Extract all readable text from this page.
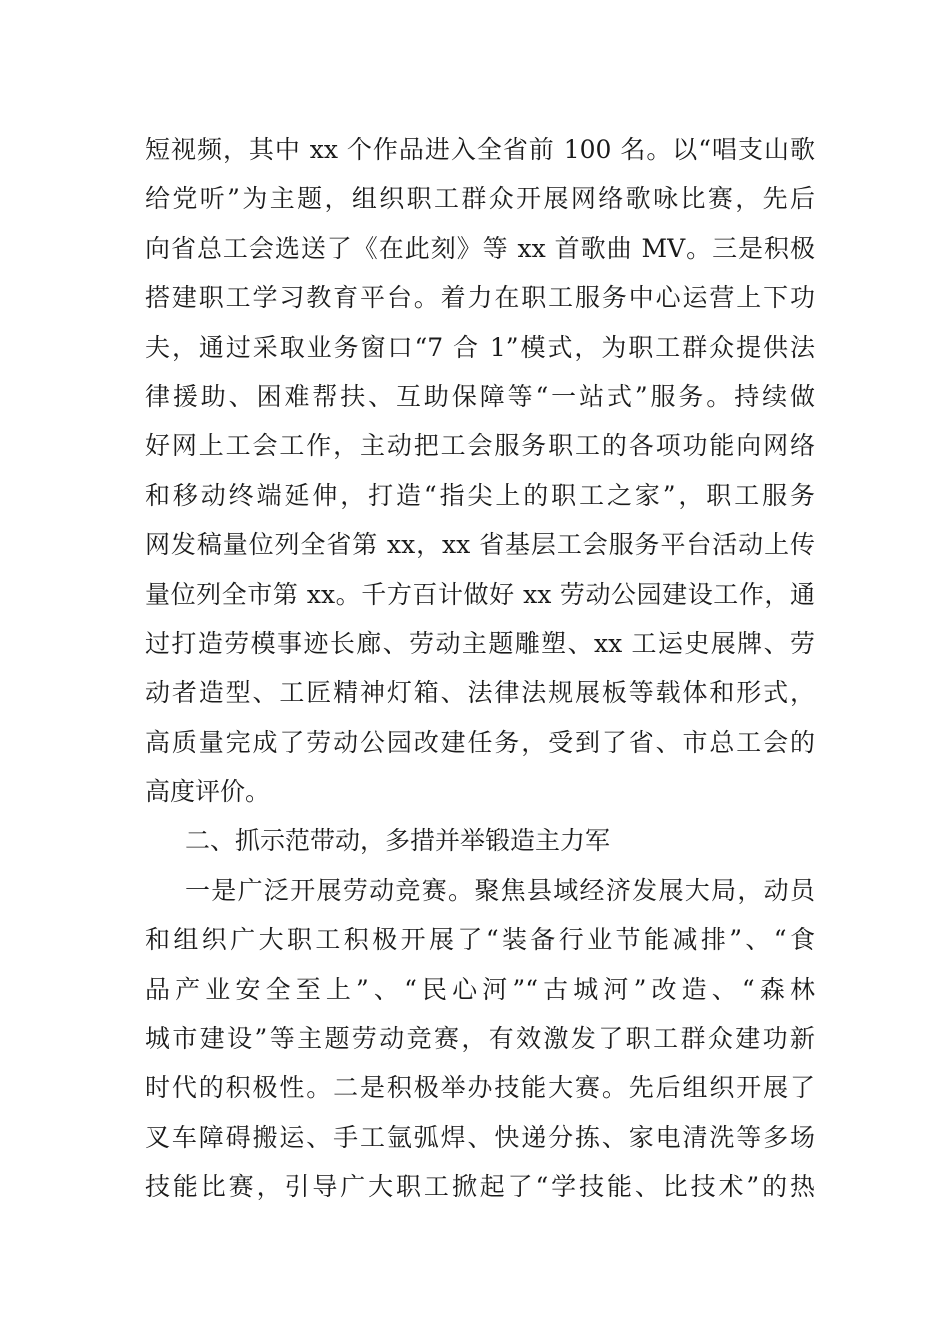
短视频，其中 xx 个作品进入全省前 100 名。以“唱支山歌
给党听”为主题，组织职工群众开展网络歌咏比赛，先后
向省总工会选送了《在此刻》等 xx 首歌曲 MV。三是积极
搭建职工学习教育平台。着力在职工服务中心运营上下功
夫，通过采取业务窗口“7 合 1”模式，为职工群众提供法
律援助、困难帮扶、互助保障等“一站式”服务。持续做
好网上工会工作，主动把工会服务职工的各项功能向网络
和移动终端延伸，打造“指尖上的职工之家”，职工服务
网发稿量位列全省第 xx，xx 省基层工会服务平台活动上传
量位列全市第 xx。千方百计做好 xx 劳动公园建设工作，通
过打造劳模事迹长廊、劳动主题雕塑、xx 工运史展牌、劳
动者造型、工匠精神灯箱、法律法规展板等载体和形式，
高质量完成了劳动公园改建任务，受到了省、市总工会的
高度评价。
二、抓示范带动，多措并举锻造主力军
一是广泛开展劳动竞赛。聚焦县域经济发展大局，动员
和组织广大职工积极开展了“装备行业节能减排”、“食
品产业安全至上”、“民心河”“古城河”改造、“森林
城市建设”等主题劳动竞赛，有效激发了职工群众建功新
时代的积极性。二是积极举办技能大赛。先后组织开展了
叉车障碍搬运、手工氩弧焊、快递分拣、家电清洗等多场
技能比赛，引导广大职工掀起了“学技能、比技术”的热
